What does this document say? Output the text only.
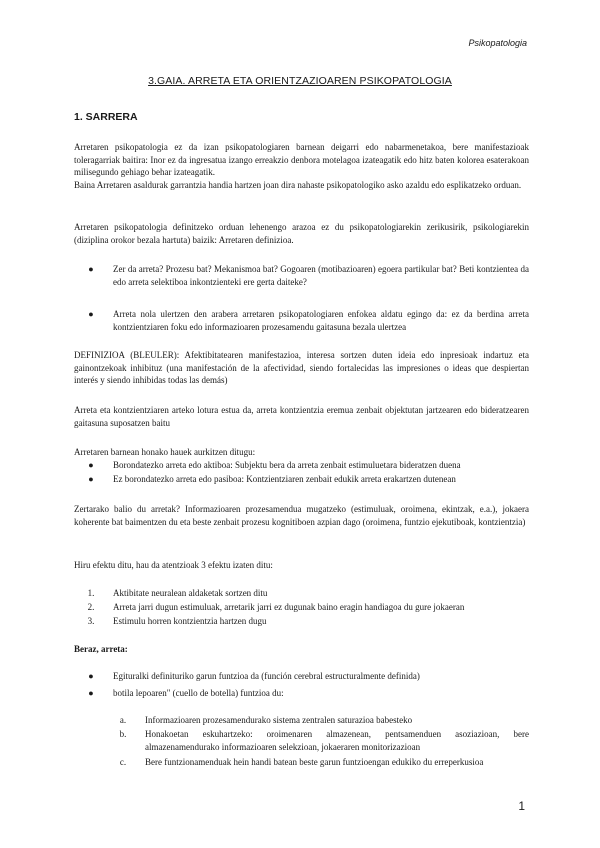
Psikopatologia
3.GAIA. ARRETA ETA ORIENTZAZIOAREN PSIKOPATOLOGIA
1. SARRERA
Arretaren psikopatologia ez da izan psikopatologiaren barnean deigarri edo nabarmenetakoa, bere manifestazioak toleragarriak baitira: Inor ez da ingresatua izango erreakzio denbora motelagoa izateagatik edo hitz baten kolorea esaterakoan milisegundo gehiago behar izateagatik.
Baina Arretaren asaldurak garrantzia handia hartzen joan dira nahaste psikopatologiko asko azaldu edo esplikatzeko orduan.
Arretaren psikopatologia definitzeko orduan lehenengo arazoa ez du psikopatologiarekin zerikusirik, psikologiarekin (diziplina orokor bezala hartuta) baizik: Arretaren definizioa.
●	Zer da arreta? Prozesu bat? Mekanismoa bat? Gogoaren (motibazioaren) egoera partikular bat? Beti kontzienteа da edo arreta selektiboa inkontzienteki ere gerta daiteke?
●	Arreta nola ulertzen den arabera arretaren psikopatologiaren enfokea aldatu egingo da: ez da berdina arreta kontzientziaren foku edo informazioaren prozesamendu gaitasuna bezala ulertzea
DEFINIZIOA (BLEULER): Afektibitatearen manifestazioa, interesa sortzen duten ideia edo inpresioak indartuz eta gainontzekoak inhibituz (una manifestación de la afectividad, siendo fortalecidas las impresiones o ideas que despiertan interés y siendo inhibidas todas las demás)
Arreta eta kontzientziaren arteko lotura estua da, arreta kontzientzia eremua zenbait objektutan jartzearen edo bideratzearen gaitasuna suposatzen baitu
Arretaren barnean honako hauek aurkitzen ditugu:
●	Borondatezko arreta edo aktiboa: Subjektu bera da arreta zenbait estimuluetara bideratzen duena
●	Ez borondatezko arreta edo pasiboa: Kontzientziaren zenbait edukik arreta erakartzen dutenean
Zertarako balio du arretak? Informazioaren prozesamendua mugatzeko (estimuluak, oroimena, ekintzak, e.a.), jokaera koherente bat baimentzen du eta beste zenbait prozesu kognitiboen azpian dago (oroimena, funtzio ejekutiboak, kontzientzia)
Hiru efektu ditu, hau da atentzioak 3 efektu izaten ditu:
1.	Aktibitate neuralean aldaketak sortzen ditu
2.	Arreta jarri dugun estimuluak, arretarik jarri ez dugunak baino eragin handiagoa du gure jokaeran
3.	Estimulu horren kontzientzia hartzen dugu
Beraz, arreta:
●	Egituralki definituriko garun funtzioa da (función cerebral estructuralmente definida)
●	botila lepoaren" (cuello de botella) funtzioa du:
a.	Informazioaren prozesamendurako sistema zentralen saturazioa babesteko
b.	Honakoetan eskuhartzeko: oroimenaren almazenean, pentsamenduen asoziazioan, bere almazenamendurako informazioaren selekzioan, jokaeraren monitorizazioan
c.	Bere funtzionamenduak hein handi batean beste garun funtzioengan edukiko du erreperkusioa
1
